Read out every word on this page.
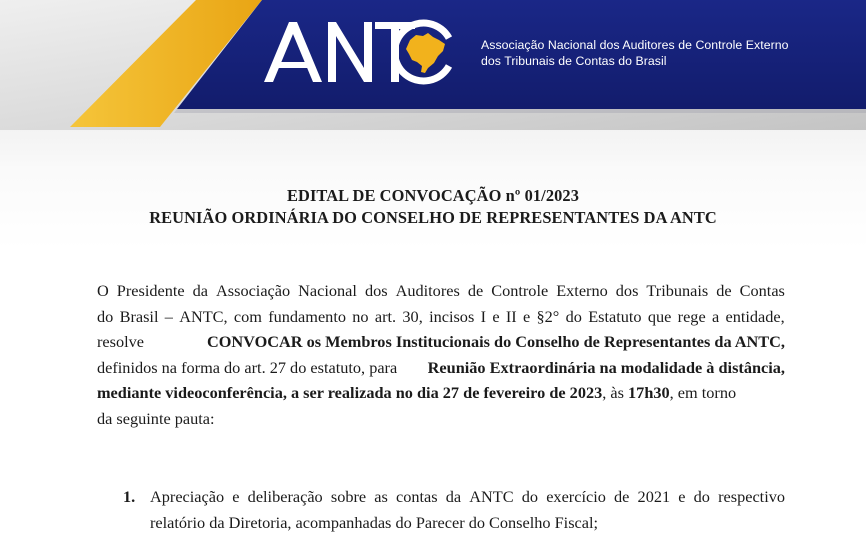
Associação Nacional dos Auditores de Controle Externo
dos Tribunais de Contas do Brasil
EDITAL DE CONVOCAÇÃO nº 01/2023
REUNIÃO ORDINÁRIA DO CONSELHO DE REPRESENTANTES DA ANTC
O Presidente da Associação Nacional dos Auditores de Controle Externo dos Tribunais de Contas
do Brasil – ANTC, com fundamento no art. 30, incisos I e II e §2° do Estatuto que rege a entidade,
resolve	CONVOCAR os Membros Institucionais do Conselho de Representantes da ANTC,
definidos na forma do art. 27 do estatuto, para Reunião Extraordinária na modalidade à distância,
mediante videoconferência, a ser realizada no dia 27 de fevereiro de 2023, às 17h30, em torno
da seguinte pauta:
1. Apreciação e deliberação sobre as contas da ANTC do exercício de 2021 e do respectivo
relatório da Diretoria, acompanhadas do Parecer do Conselho Fiscal;
